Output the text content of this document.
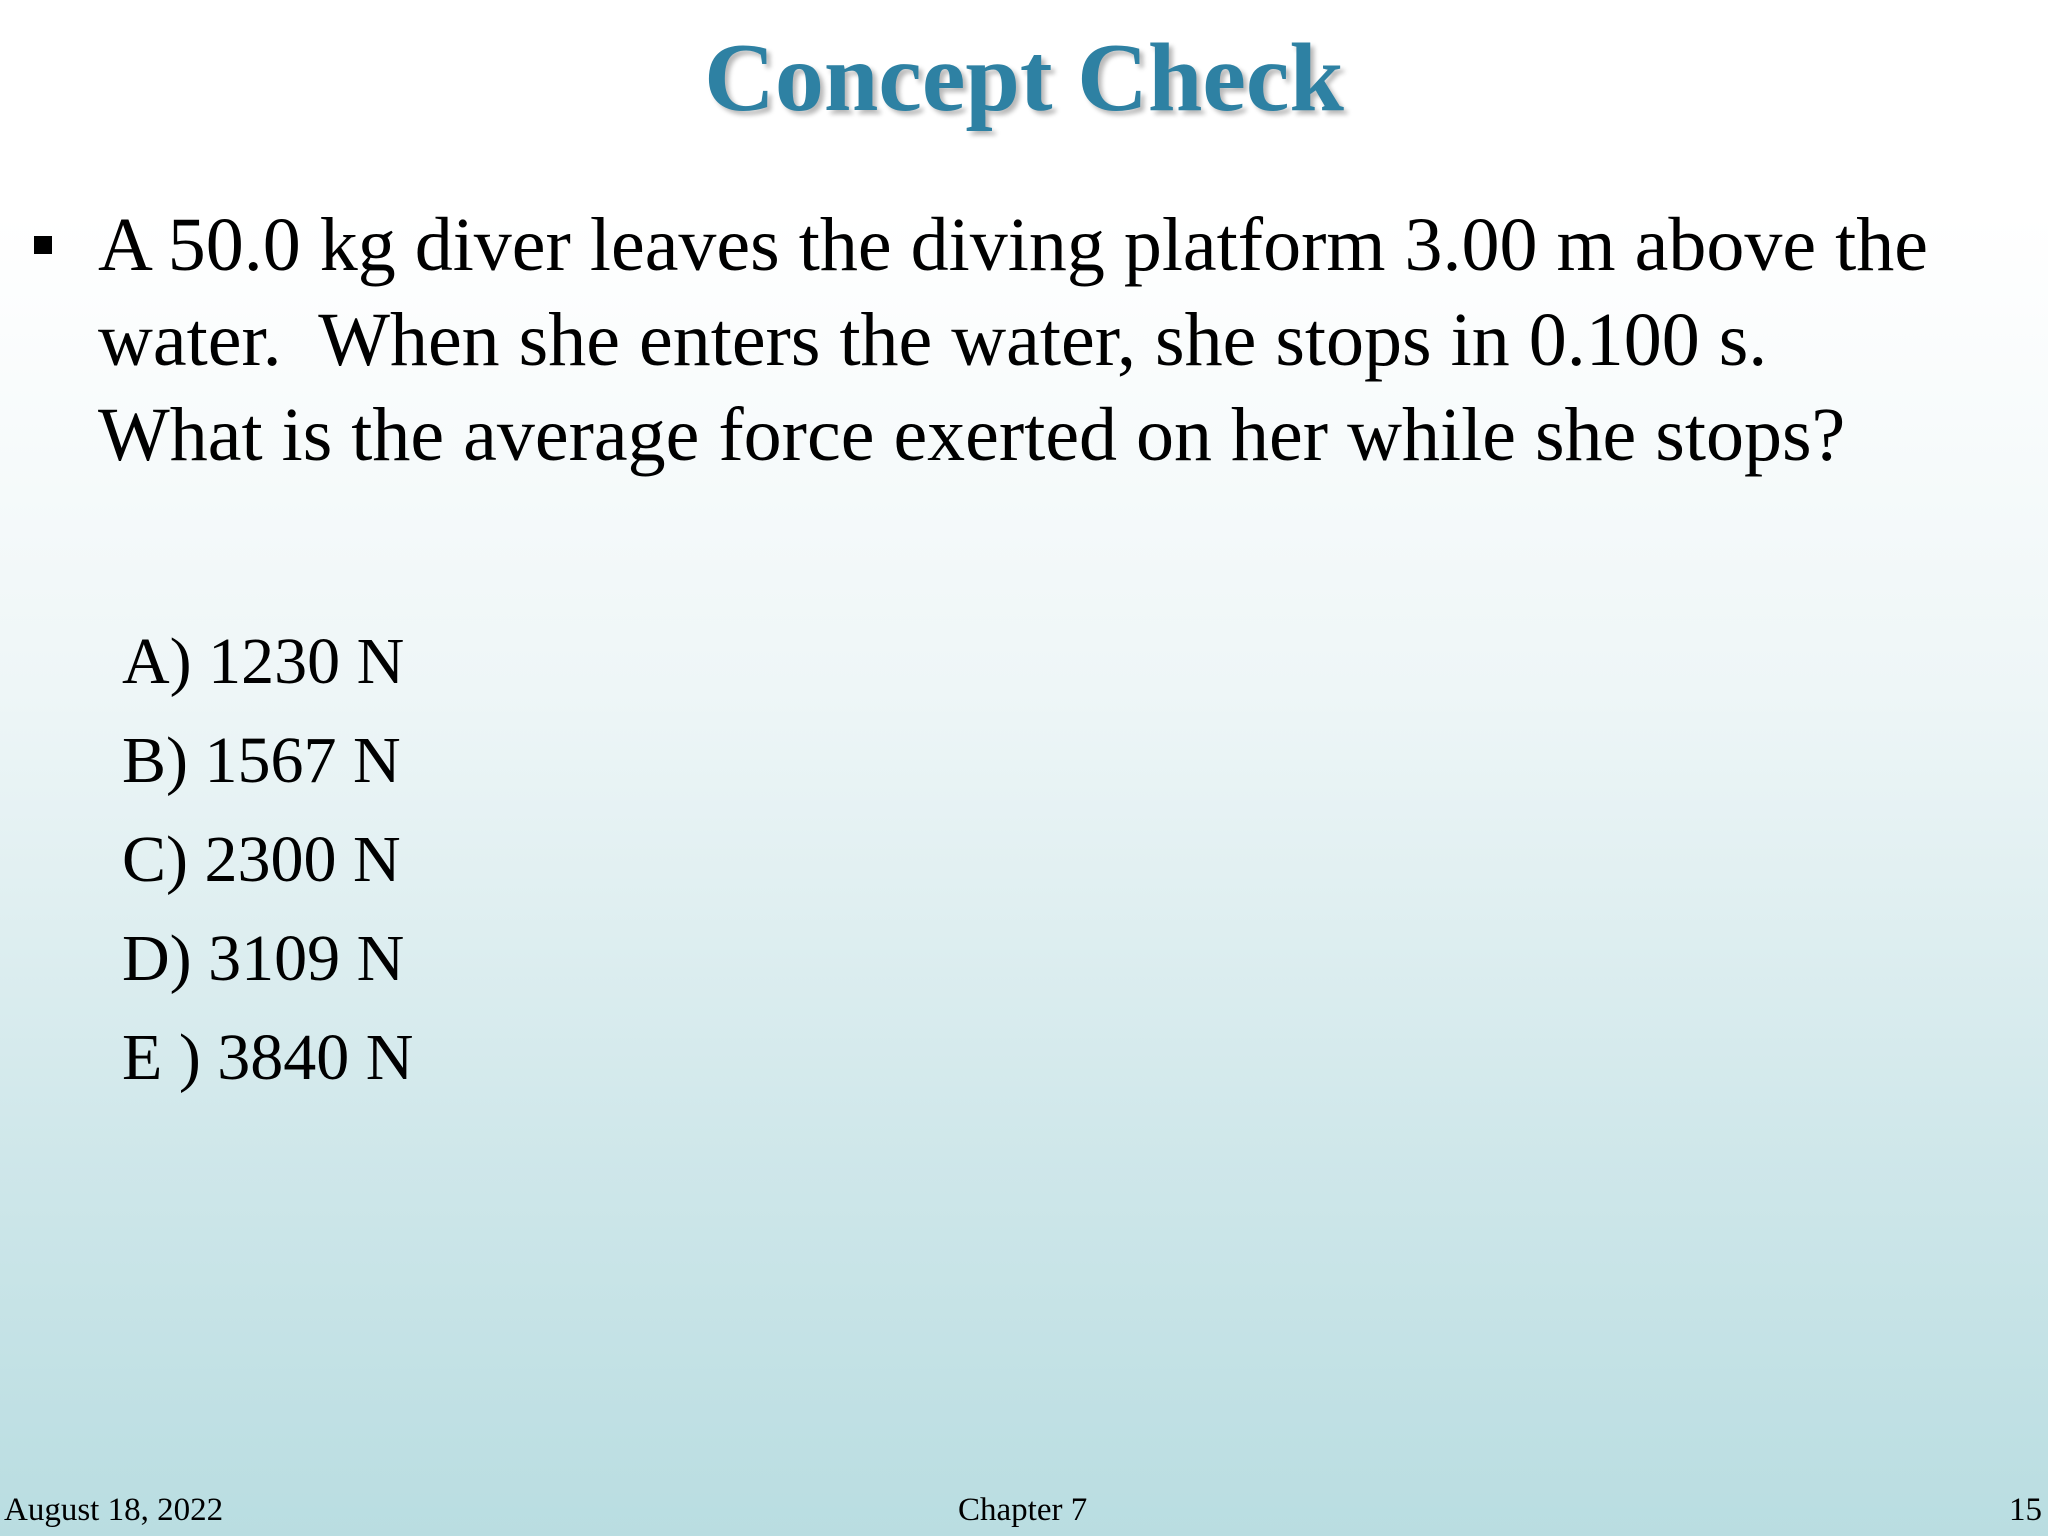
Concept Check
A 50.0 kg diver leaves the diving platform 3.00 m above the
water.  When she enters the water, she stops in 0.100 s.
What is the average force exerted on her while she stops?
A) 1230 N
B) 1567 N
C) 2300 N
D) 3109 N
E ) 3840 N
August 18, 2022	Chapter 7	15
